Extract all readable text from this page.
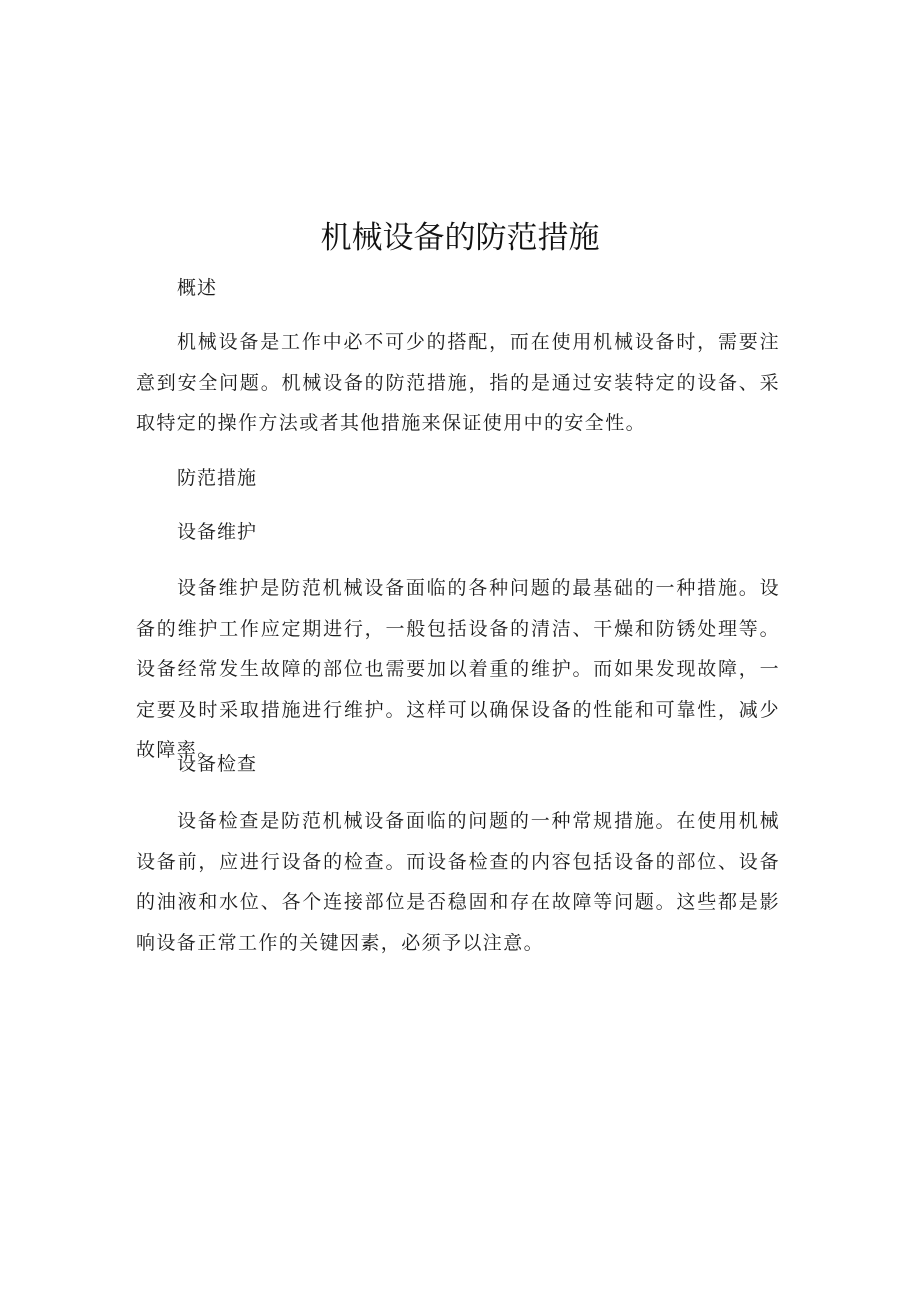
机械设备的防范措施
概述

机械设备是工作中必不可少的搭配，而在使用机械设备时，需要注意到安全问题。机械设备的防范措施，指的是通过安装特定的设备、采取特定的操作方法或者其他措施来保证使用中的安全性。

防范措施
设备维护

设备维护是防范机械设备面临的各种问题的最基础的一种措施。设备的维护工作应定期进行，一般包括设备的清洁、干燥和防锈处理等。设备经常发生故障的部位也需要加以着重的维护。而如果发现故障，一定要及时采取措施进行维护。这样可以确保设备的性能和可靠性，减少故障率。

设备检查

设备检查是防范机械设备面临的问题的一种常规措施。在使用机械设备前，应进行设备的检查。而设备检查的内容包括设备的部位、设备的油液和水位、各个连接部位是否稳固和存在故障等问题。这些都是影响设备正常工作的关键因素，必须予以注意。
